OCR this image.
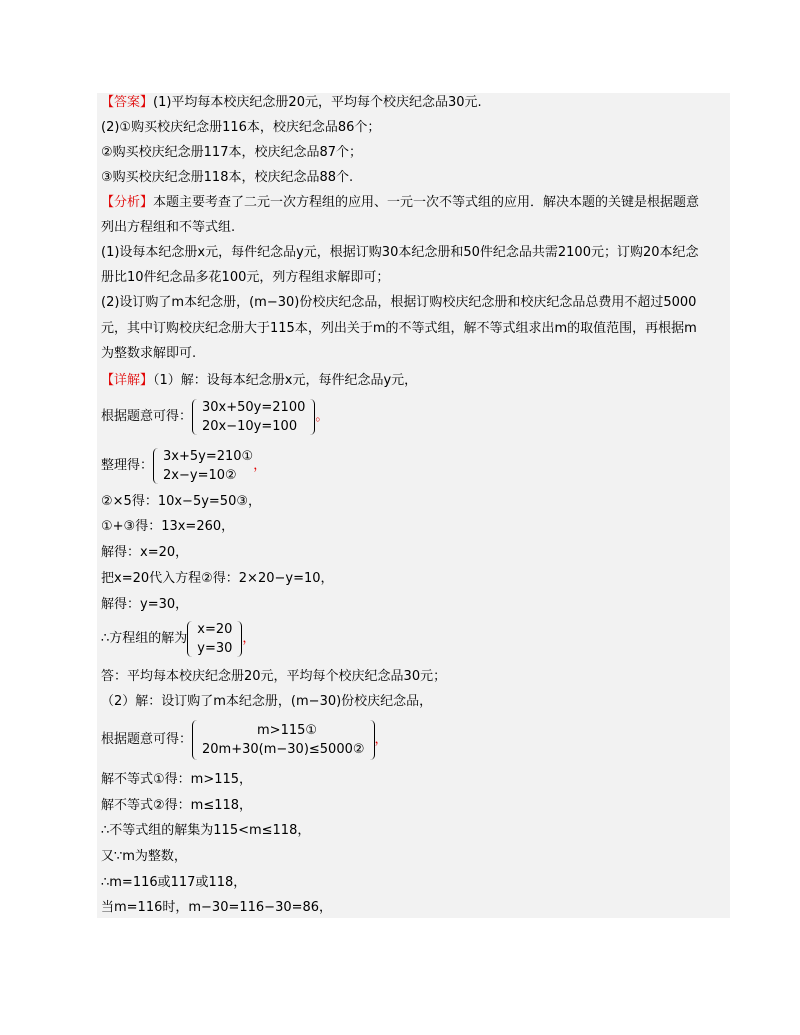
【答案】(1)平均每本校庆纪念册20元，平均每个校庆纪念品30元.
(2)①购买校庆纪念册116本，校庆纪念品86个；
②购买校庆纪念册117本，校庆纪念品87个；
③购买校庆纪念册118本，校庆纪念品88个.
【分析】本题主要考查了二元一次方程组的应用、一元一次不等式组的应用．解决本题的关键是根据题意
列出方程组和不等式组.
(1)设每本纪念册x元，每件纪念品y元，根据订购30本纪念册和50件纪念品共需2100元；订购20本纪念
册比10件纪念品多花100元，列方程组求解即可；
(2)设订购了m本纪念册，(m−30)份校庆纪念品，根据订购校庆纪念册和校庆纪念品总费用不超过5000
元，其中订购校庆纪念册大于115本，列出关于m的不等式组，解不等式组求出m的取值范围，再根据m
为整数求解即可.
【详解】（1）解：设每本纪念册x元，每件纪念品y元，
根据题意可得：
30x+50y=2100
20x−10y=100
。
整理得：
3x+5y=210①
2x−y=10②
，
②×5得：10x−5y=50③，
①+③得：13x=260，
解得：x=20，
把x=20代入方程②得：2×20−y=10，
解得：y=30，
∴方程组的解为
x=20
y=30
，
答：平均每本校庆纪念册20元，平均每个校庆纪念品30元；
（2）解：设订购了m本纪念册，(m−30)份校庆纪念品，
根据题意可得：
m>115①
20m+30(m−30)≤5000②
，
解不等式①得：m>115，
解不等式②得：m≤118，
∴不等式组的解集为115<m≤118，
又∵m为整数，
∴m=116或117或118，
当m=116时，m−30=116−30=86，
